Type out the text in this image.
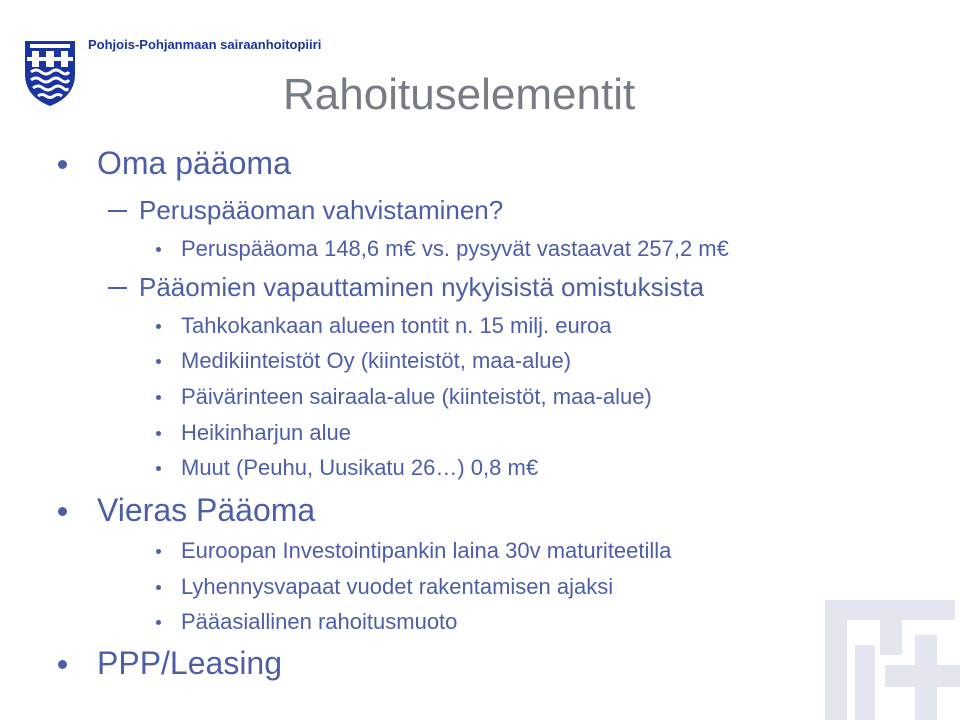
Pohjois-Pohjanmaan sairaanhoitopiiri
Rahoituselementit
Oma pääoma
Peruspääoman vahvistaminen?
Peruspääoma 148,6 m€ vs. pysyvät vastaavat 257,2 m€
Pääomien vapauttaminen nykyisistä omistuksista
Tahkokankaan alueen tontit n. 15 milj. euroa
Medikiinteistöt Oy (kiinteistöt, maa-alue)
Päivärinteen sairaala-alue (kiinteistöt, maa-alue)
Heikinharjun alue
Muut (Peuhu, Uusikatu 26…) 0,8 m€
Vieras Pääoma
Euroopan Investointipankin laina 30v maturiteetilla
Lyhennysvapaat vuodet rakentamisen ajaksi
Pääasiallinen rahoitusmuoto
PPP/Leasing
